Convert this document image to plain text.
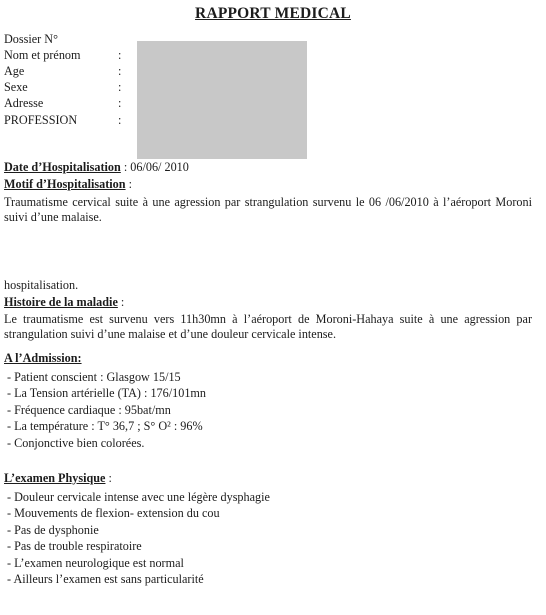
RAPPORT MEDICAL
Dossier N°
Nom et prénom	:
Age	:
Sexe	:
Adresse	:
PROFESSION	:
Date d’Hospitalisation : 06/06/ 2010
Motif d’Hospitalisation :
Traumatisme cervical suite à une agression par strangulation survenu le 06 /06/2010 à l’aéroport Moroni suivi d’une malaise.
hospitalisation.
Histoire de la maladie :
Le traumatisme est survenu vers 11h30mn à l’aéroport de Moroni-Hahaya suite à une agression par strangulation suivi d’une malaise et d’une douleur cervicale intense.
A l’Admission:
- Patient conscient : Glasgow 15/15
- La Tension artérielle (TA) : 176/101mn
- Fréquence cardiaque : 95bat/mn
- La température : T° 36,7 ; S° O² : 96%
- Conjonctive bien colorées.
L’examen Physique :
- Douleur cervicale intense avec une légère dysphagie
- Mouvements de flexion- extension du cou
- Pas de dysphonie
- Pas de trouble respiratoire
- L’examen neurologique est normal
- Ailleurs l’examen est sans particularité
